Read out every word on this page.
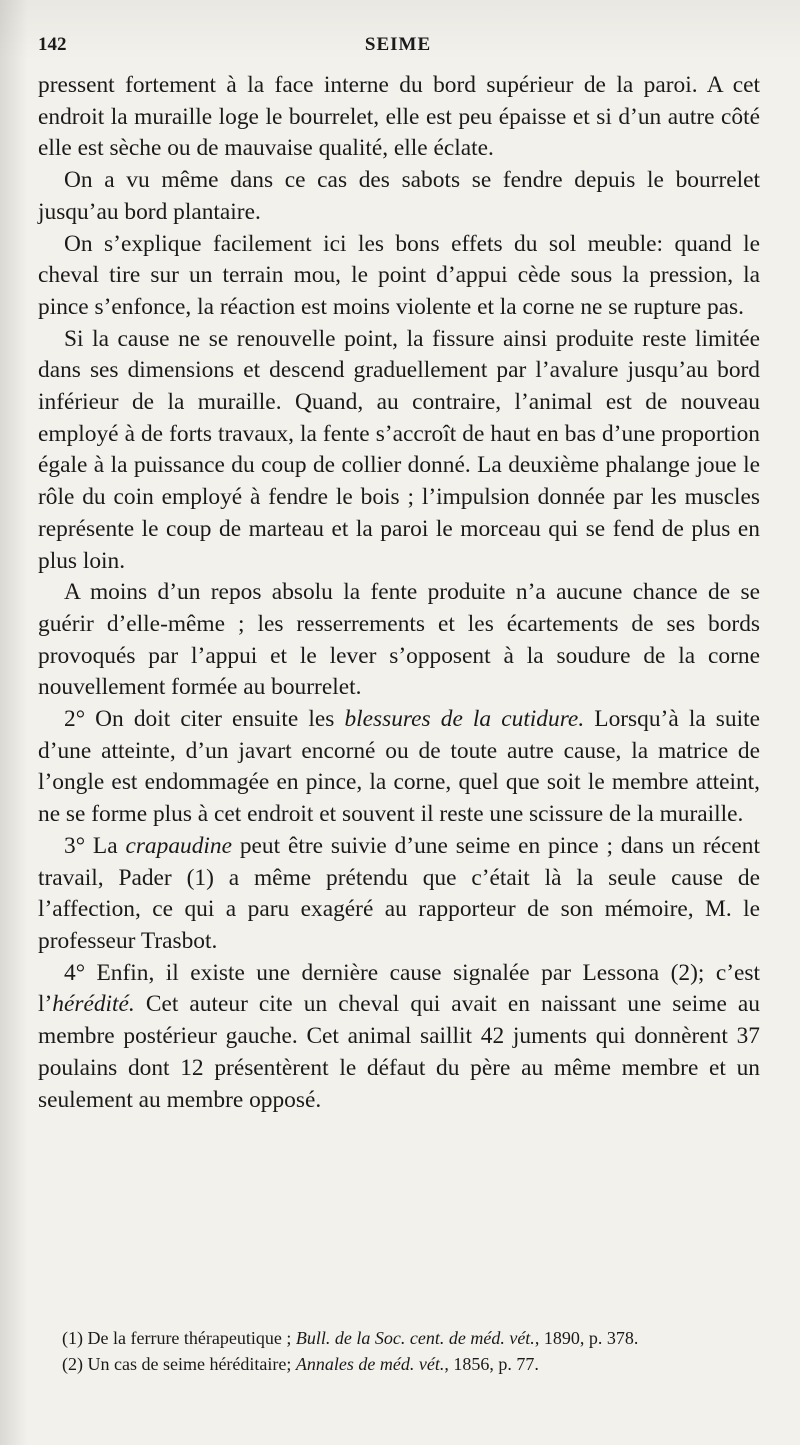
142	SEIME

pressent fortement à la face interne du bord supérieur de la paroi. A cet endroit la muraille loge le bourrelet, elle est peu épaisse et si d’un autre côté elle est sèche ou de mauvaise qualité, elle éclate.

On a vu même dans ce cas des sabots se fendre depuis le bourrelet jusqu’au bord plantaire.

On s’explique facilement ici les bons effets du sol meuble: quand le cheval tire sur un terrain mou, le point d’appui cède sous la pression, la pince s’enfonce, la réaction est moins violente et la corne ne se rupture pas.

Si la cause ne se renouvelle point, la fissure ainsi produite reste limitée dans ses dimensions et descend graduellement par l’avalure jusqu’au bord inférieur de la muraille. Quand, au contraire, l’animal est de nouveau employé à de forts travaux, la fente s’accroît de haut en bas d’une proportion égale à la puissance du coup de collier donné. La deuxième phalange joue le rôle du coin employé à fendre le bois ; l’impulsion donnée par les muscles représente le coup de marteau et la paroi le morceau qui se fend de plus en plus loin.

A moins d’un repos absolu la fente produite n’a aucune chance de se guérir d’elle-même ; les resserrements et les écartements de ses bords provoqués par l’appui et le lever s’opposent à la soudure de la corne nouvellement formée au bourrelet.

2° On doit citer ensuite les blessures de la cutidure. Lorsqu’à la suite d’une atteinte, d’un javart encorné ou de toute autre cause, la matrice de l’ongle est endommagée en pince, la corne, quel que soit le membre atteint, ne se forme plus à cet endroit et souvent il reste une scissure de la muraille.

3° La crapaudine peut être suivie d’une seime en pince ; dans un récent travail, Pader (1) a même prétendu que c’était là la seule cause de l’affection, ce qui a paru exagéré au rapporteur de son mémoire, M. le professeur Trasbot.

4° Enfin, il existe une dernière cause signalée par Lessona (2); c’est l’hérédité. Cet auteur cite un cheval qui avait en naissant une seime au membre postérieur gauche. Cet animal saillit 42 juments qui donnèrent 37 poulains dont 12 présentèrent le défaut du père au même membre et un seulement au membre opposé.

(1) De la ferrure thérapeutique ; Bull. de la Soc. cent. de méd. vét., 1890, p. 378.

(2) Un cas de seime héréditaire; Annales de méd. vét., 1856, p. 77.
